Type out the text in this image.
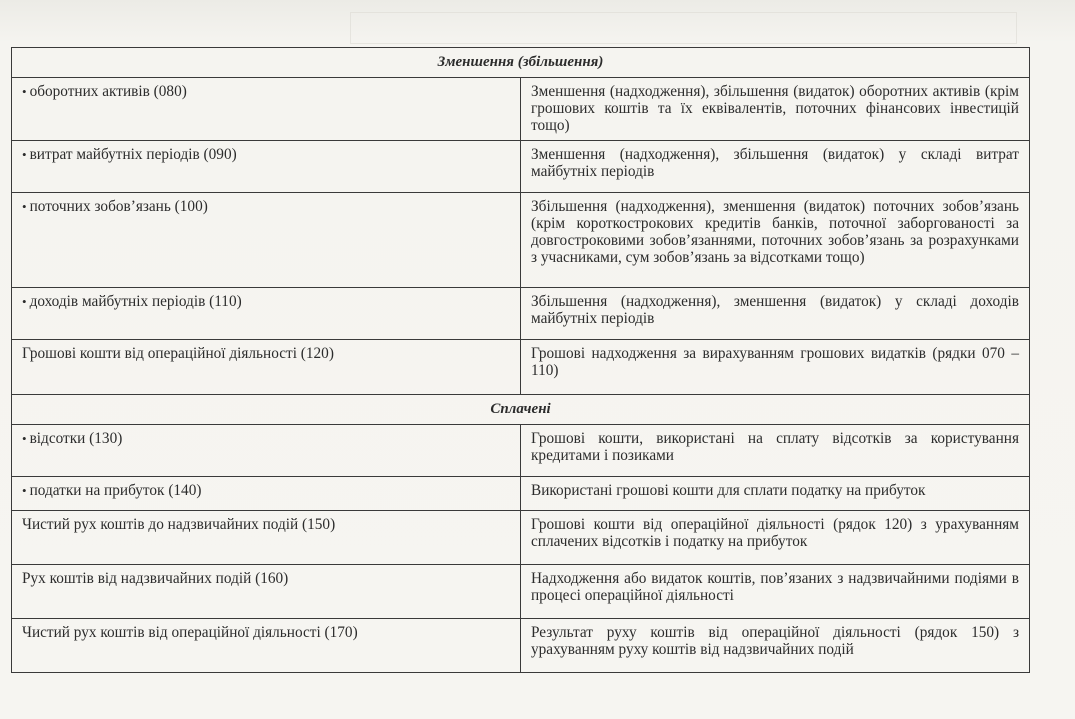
Зменшення (збільшення)	
• оборотних активів (080)	Зменшення (надходження), збільшення (видаток) оборотних активів (крім грошових коштів та їх еквівалентів, поточних фінансових інвестицій тощо)
• витрат майбутніх періодів (090)	Зменшення (надходження), збільшення (видаток) у складі витрат майбутніх періодів
• поточних зобов’язань (100)	Збільшення (надходження), зменшення (видаток) поточних зобов’язань (крім короткострокових кредитів банків, поточної заборгованості за довгостроковими зобов’язаннями, поточних зобов’язань за розрахунками з учасниками, сум зобов’язань за відсотками тощо)
• доходів майбутніх періодів (110)	Збільшення (надходження), зменшення (видаток) у складі доходів майбутніх періодів
Грошові кошти від операційної діяльності (120)	Грошові надходження за вирахуванням грошових видатків (рядки 070 – 110)
Сплачені	
• відсотки (130)	Грошові кошти, використані на сплату відсотків за користування кредитами і позиками
• податки на прибуток (140)	Використані грошові кошти для сплати податку на прибуток
Чистий рух коштів до надзвичайних подій (150)	Грошові кошти від операційної діяльності (рядок 120) з урахуванням сплачених відсотків і податку на прибуток
Рух коштів від надзвичайних подій (160)	Надходження або видаток коштів, пов’язаних з надзвичайними подіями в процесі операційної діяльності
Чистий рух коштів від операційної діяльності (170)	Результат руху коштів від операційної діяльності (рядок 150) з урахуванням руху коштів від надзвичайних подій
